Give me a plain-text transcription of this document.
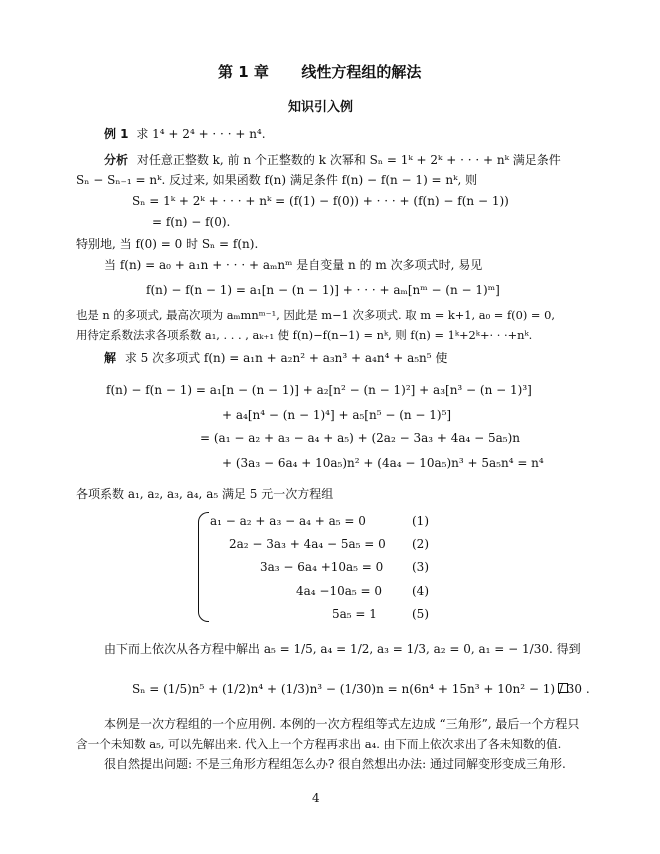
第 1 章 线性方程组的解法
知识引入例
例 1 求 1⁴ + 2⁴ + · · · + n⁴.
分析 对任意正整数 k, 前 n 个正整数的 k 次幂和 Sₙ = 1ᵏ + 2ᵏ + · · · + nᵏ 满足条件
Sₙ − Sₙ₋₁ = nᵏ. 反过来, 如果函数 f(n) 满足条件 f(n) − f(n − 1) = nᵏ, 则
Sₙ = 1ᵏ + 2ᵏ + · · · + nᵏ = (f(1) − f(0)) + · · · + (f(n) − f(n − 1))
= f(n) − f(0).
特别地, 当 f(0) = 0 时 Sₙ = f(n).
当 f(n) = a₀ + a₁n + · · · + aₘnᵐ 是自变量 n 的 m 次多项式时, 易见
f(n) − f(n − 1) = a₁[n − (n − 1)] + · · · + aₘ[nᵐ − (n − 1)ᵐ]
也是 n 的多项式, 最高次项为 aₘmnᵐ⁻¹, 因此是 m−1 次多项式. 取 m = k+1, a₀ = f(0) = 0,
用待定系数法求各项系数 a₁, . . . , aₖ₊₁ 使 f(n)−f(n−1) = nᵏ, 则 f(n) = 1ᵏ+2ᵏ+· · ·+nᵏ.
解 求 5 次多项式 f(n) = a₁n + a₂n² + a₃n³ + a₄n⁴ + a₅n⁵ 使
f(n) − f(n − 1) = a₁[n − (n − 1)] + a₂[n² − (n − 1)²] + a₃[n³ − (n − 1)³]
+ a₄[n⁴ − (n − 1)⁴] + a₅[n⁵ − (n − 1)⁵]
= (a₁ − a₂ + a₃ − a₄ + a₅) + (2a₂ − 3a₃ + 4a₄ − 5a₅)n
+ (3a₃ − 6a₄ + 10a₅)n² + (4a₄ − 10a₅)n³ + 5a₅n⁴ = n⁴
各项系数 a₁, a₂, a₃, a₄, a₅ 满足 5 元一次方程组
a₁ − a₂ + a₃ − a₄ + a₅ = 0	(1)
2a₂ − 3a₃ + 4a₄ − 5a₅ = 0 (2)
3a₃ − 6a₄ +10a₅ = 0 (3)
4a₄ −10a₅ = 0 (4)
5a₅ = 1	(5)
由下而上依次从各方程中解出 a₅ = 1/5, a₄ = 1/2, a₃ = 1/3, a₂ = 0, a₁ = − 1/30. 得到
Sₙ = (1/5)n⁵ + (1/2)n⁴ + (1/3)n³ − (1/30)n = n(6n⁴ + 15n³ + 10n² − 1) / 30 .
本例是一次方程组的一个应用例. 本例的一次方程组等式左边成 “三角形”, 最后一个方程只
含一个未知数 a₅, 可以先解出来. 代入上一个方程再求出 a₄. 由下而上依次求出了各未知数的值.
很自然提出问题: 不是三角形方程组怎么办? 很自然想出办法: 通过同解变形变成三角形.
4
